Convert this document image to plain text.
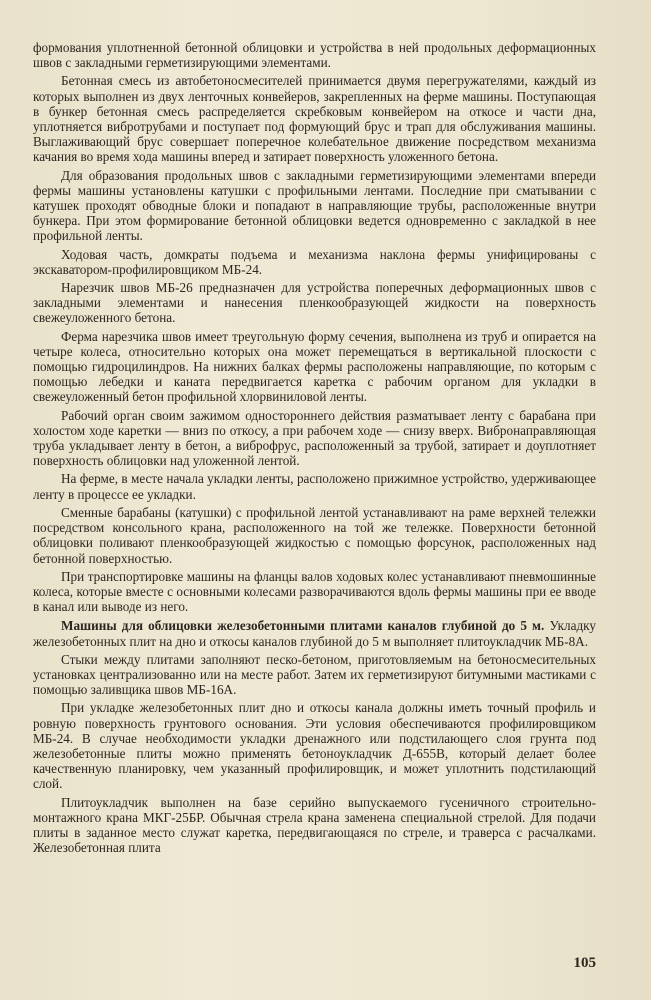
формования уплотненной бетонной облицовки и устройства в ней продольных деформационных швов с закладными герметизирующими элементами.

Бетонная смесь из автобетоносмесителей принимается двумя перегружателями, каждый из которых выполнен из двух ленточных конвейеров, закрепленных на ферме машины. Поступающая в бункер бетонная смесь распределяется скребковым конвейером на откосе и части дна, уплотняется вибротрубами и поступает под формующий брус и трап для обслуживания машины. Выглаживающий брус совершает поперечное колебательное движение посредством механизма качания во время хода машины вперед и затирает поверхность уложенного бетона.

Для образования продольных швов с закладными герметизирующими элементами впереди фермы машины установлены катушки с профильными лентами. Последние при сматывании с катушек проходят обводные блоки и попадают в направляющие трубы, расположенные внутри бункера. При этом формирование бетонной облицовки ведется одновременно с закладкой в нее профильной ленты.

Ходовая часть, домкраты подъема и механизма наклона фермы унифицированы с экскаватором-профилировщиком МБ-24.

Нарезчик швов МБ-26 предназначен для устройства поперечных деформационных швов с закладными элементами и нанесения пленкообразующей жидкости на поверхность свежеуложенного бетона.

Ферма нарезчика швов имеет треугольную форму сечения, выполнена из труб и опирается на четыре колеса, относительно которых она может перемещаться в вертикальной плоскости с помощью гидроцилиндров. На нижних балках фермы расположены направляющие, по которым с помощью лебедки и каната передвигается каретка с рабочим органом для укладки в свежеуложенный бетон профильной хлорвиниловой ленты.

Рабочий орган своим зажимом одностороннего действия разматывает ленту с барабана при холостом ходе каретки — вниз по откосу, а при рабочем ходе — снизу вверх. Вибронаправляющая труба укладывает ленту в бетон, а виброфрус, расположенный за трубой, затирает и доуплотняет поверхность облицовки над уложенной лентой.

На ферме, в месте начала укладки ленты, расположено прижимное устройство, удерживающее ленту в процессе ее укладки.

Сменные барабаны (катушки) с профильной лентой устанавливают на раме верхней тележки посредством консольного крана, расположенного на той же тележке. Поверхности бетонной облицовки поливают пленкообразующей жидкостью с помощью форсунок, расположенных над бетонной поверхностью.

При транспортировке машины на фланцы валов ходовых колес устанавливают пневмошинные колеса, которые вместе с основными колесами разворачиваются вдоль фермы машины при ее вводе в канал или выводе из него.

Машины для облицовки железобетонными плитами каналов глубиной до 5 м. Укладку железобетонных плит на дно и откосы каналов глубиной до 5 м выполняет плитоукладчик МБ-8А.

Стыки между плитами заполняют песко-бетоном, приготовляемым на бетоносмесительных установках централизованно или на месте работ. Затем их герметизируют битумными мастиками с помощью заливщика швов МБ-16А.

При укладке железобетонных плит дно и откосы канала должны иметь точный профиль и ровную поверхность грунтового основания. Эти условия обеспечиваются профилировщиком МБ-24. В случае необходимости укладки дренажного или подстилающего слоя грунта под железобетонные плиты можно применять бетоноукладчик Д-655В, который делает более качественную планировку, чем указанный профилировщик, и может уплотнить подстилающий слой.

Плитоукладчик выполнен на базе серийно выпускаемого гусеничного строительно-монтажного крана МКГ-25БР. Обычная стрела крана заменена специальной стрелой. Для подачи плиты в заданное место служат каретка, передвигающаяся по стреле, и траверса с расчалками. Железобетонная плита

105
